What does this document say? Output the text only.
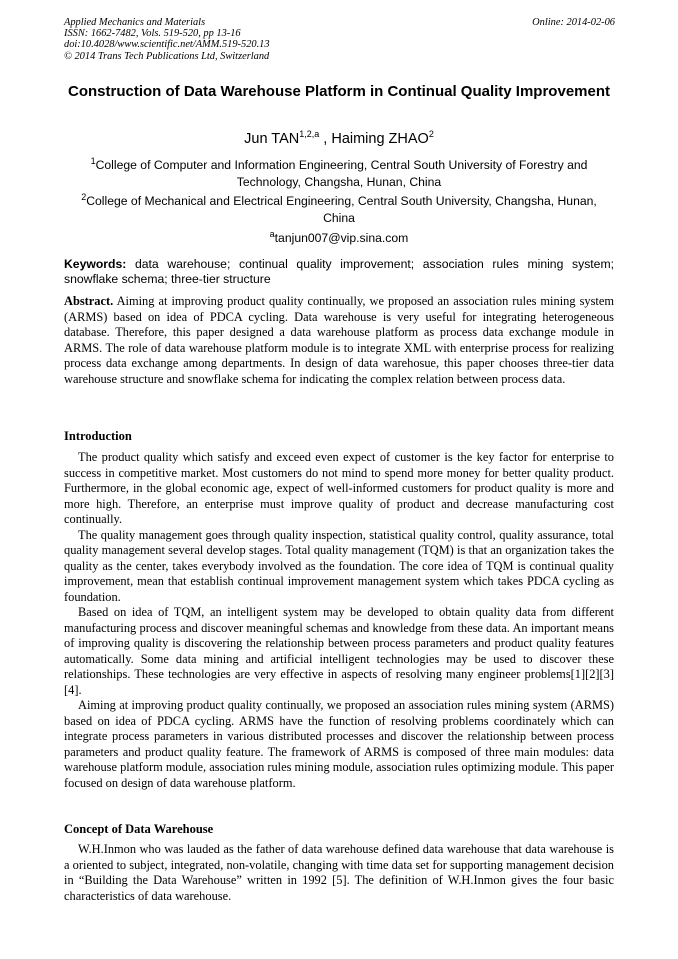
Applied Mechanics and Materials
ISSN: 1662-7482, Vols. 519-520, pp 13-16
doi:10.4028/www.scientific.net/AMM.519-520.13
© 2014 Trans Tech Publications Ltd, Switzerland
Online: 2014-02-06
Construction of Data Warehouse Platform in Continual Quality Improvement
Jun TAN$^{1,2,a}$ , Haiming ZHAO$^2$
$^1$College of Computer and Information Engineering, Central South University of Forestry and Technology, Changsha, Hunan, China
$^2$College of Mechanical and Electrical Engineering, Central South University, Changsha, Hunan, China
$^a$tanjun007@vip.sina.com
Keywords: data warehouse; continual quality improvement; association rules mining system; snowflake schema; three-tier structure
Abstract. Aiming at improving product quality continually, we proposed an association rules mining system (ARMS) based on idea of PDCA cycling. Data warehouse is very useful for integrating heterogeneous database. Therefore, this paper designed a data warehouse platform as process data exchange module in ARMS. The role of data warehouse platform module is to integrate XML with enterprise process for realizing process data exchange among departments. In design of data warehosue, this paper chooses three-tier data warehouse structure and snowflake schema for indicating the complex relation between process data.
Introduction

The product quality which satisfy and exceed even expect of customer is the key factor for enterprise to success in competitive market. Most customers do not mind to spend more money for better quality product. Furthermore, in the global economic age, expect of well-informed customers for product quality is more and more high. Therefore, an enterprise must improve quality of product and decrease manufacturing cost continually.

The quality management goes through quality inspection, statistical quality control, quality assurance, total quality management several develop stages. Total quality management (TQM) is that an organization takes the quality as the center, takes everybody involved as the foundation. The core idea of TQM is continual quality improvement, mean that establish continual improvement management system which takes PDCA cycling as foundation.

Based on idea of TQM, an intelligent system may be developed to obtain quality data from different manufacturing process and discover meaningful schemas and knowledge from these data. An important means of improving quality is discovering the relationship between process parameters and product quality features automatically. Some data mining and artificial intelligent technologies may be used to discover these relationships. These technologies are very effective in aspects of resolving many engineer problems[1][2][3][4].

Aiming at improving product quality continually, we proposed an association rules mining system (ARMS) based on idea of PDCA cycling. ARMS have the function of resolving problems coordinately which can integrate process parameters in various distributed processes and discover the relationship between process parameters and product quality feature. The framework of ARMS is composed of three main modules: data warehouse platform module, association rules mining module, association rules optimizing module. This paper focused on design of data warehouse platform.

Concept of Data Warehouse

W.H.Inmon who was lauded as the father of data warehouse defined data warehouse that data warehouse is a oriented to subject, integrated, non-volatile, changing with time data set for supporting management decision in “Building the Data Warehouse” written in 1992 [5]. The definition of W.H.Inmon gives the four basic characteristics of data warehouse.
